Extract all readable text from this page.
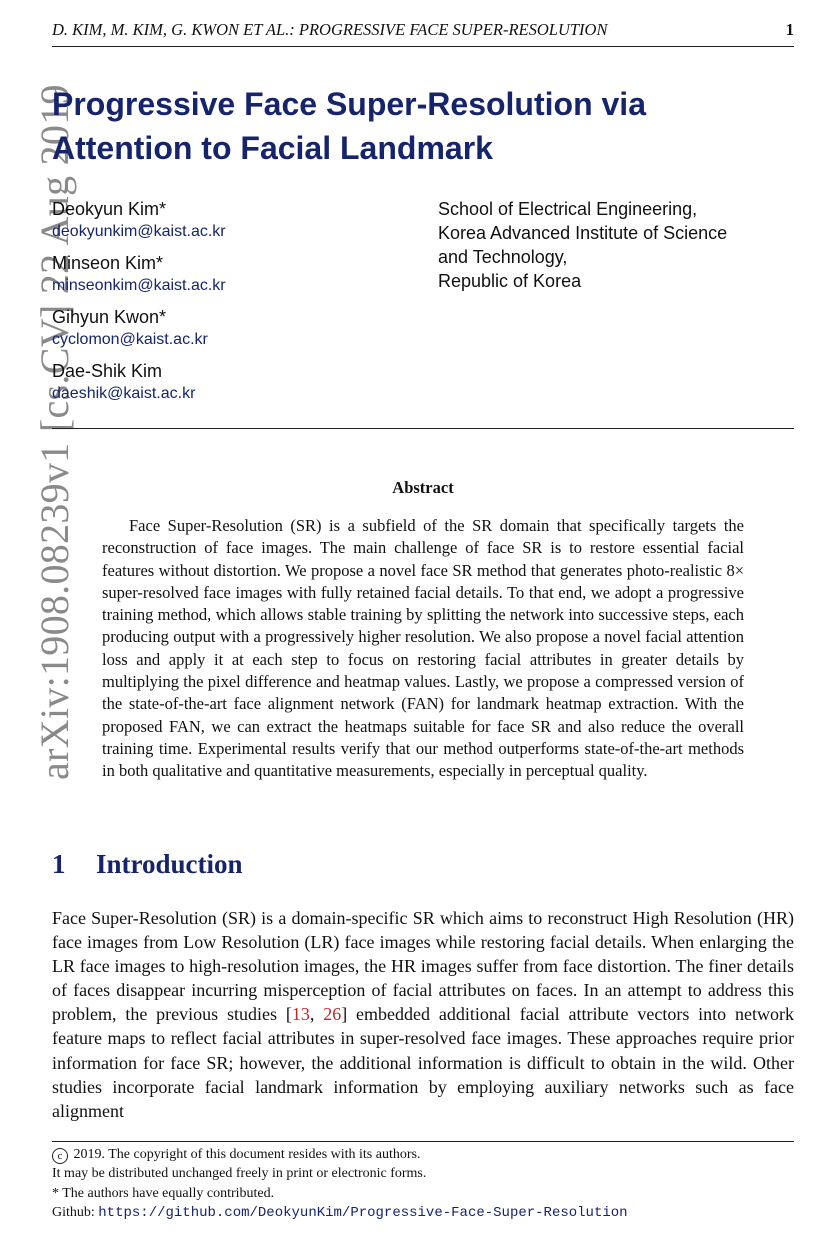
D. KIM, M. KIM, G. KWON ET AL.: PROGRESSIVE FACE SUPER-RESOLUTION	1
arXiv:1908.08239v1 [cs.CV] 22 Aug 2019
Progressive Face Super-Resolution via
Attention to Facial Landmark
Deokyun Kim*
deokyunkim@kaist.ac.kr
Minseon Kim*
minseonkim@kaist.ac.kr
Gihyun Kwon*
cyclomon@kaist.ac.kr
Dae-Shik Kim
daeshik@kaist.ac.kr
School of Electrical Engineering,
Korea Advanced Institute of Science
and Technology,
Republic of Korea
Abstract

Face Super-Resolution (SR) is a subfield of the SR domain that specifically targets the reconstruction of face images. The main challenge of face SR is to restore essential facial features without distortion. We propose a novel face SR method that generates photo-realistic 8× super-resolved face images with fully retained facial details. To that end, we adopt a progressive training method, which allows stable training by splitting the network into successive steps, each producing output with a progressively higher resolution. We also propose a novel facial attention loss and apply it at each step to focus on restoring facial attributes in greater details by multiplying the pixel difference and heatmap values. Lastly, we propose a compressed version of the state-of-the-art face alignment network (FAN) for landmark heatmap extraction. With the proposed FAN, we can extract the heatmaps suitable for face SR and also reduce the overall training time. Experimental results verify that our method outperforms state-of-the-art methods in both qualitative and quantitative measurements, especially in perceptual quality.

1 Introduction

Face Super-Resolution (SR) is a domain-specific SR which aims to reconstruct High Resolution (HR) face images from Low Resolution (LR) face images while restoring facial details. When enlarging the LR face images to high-resolution images, the HR images suffer from face distortion. The finer details of faces disappear incurring misperception of facial attributes on faces. In an attempt to address this problem, the previous studies [13, 26] embedded additional facial attribute vectors into network feature maps to reflect facial attributes in super-resolved face images. These approaches require prior information for face SR; however, the additional information is difficult to obtain in the wild. Other studies incorporate facial landmark information by employing auxiliary networks such as face alignment

c 2019. The copyright of this document resides with its authors.
It may be distributed unchanged freely in print or electronic forms.
* The authors have equally contributed.
Github: https://github.com/DeokyunKim/Progressive-Face-Super-Resolution
